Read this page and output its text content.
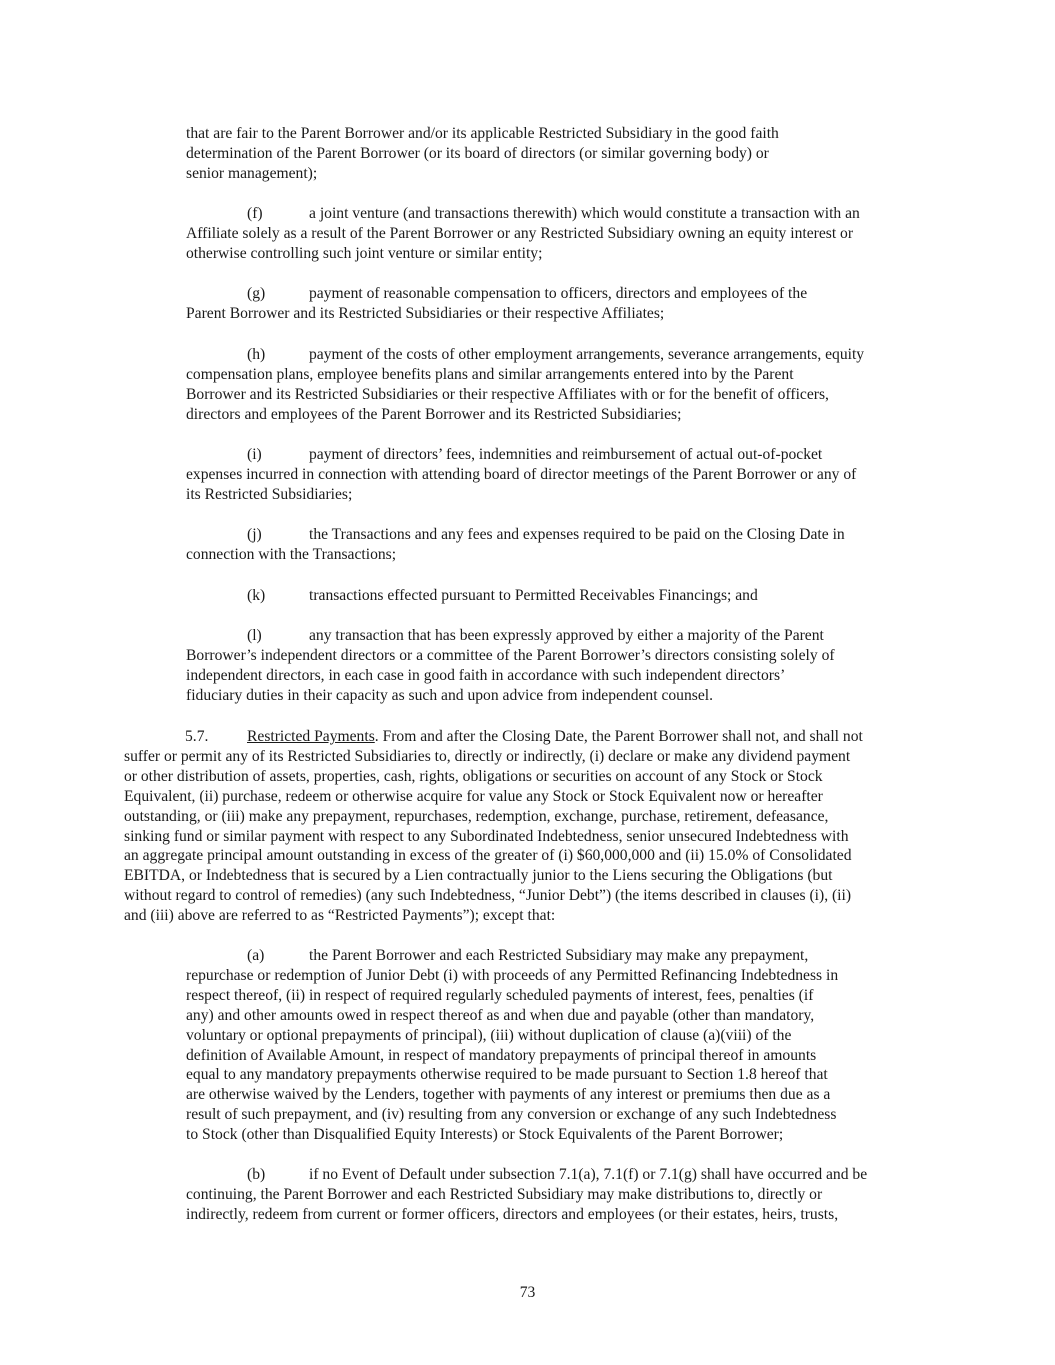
that are fair to the Parent Borrower and/or its applicable Restricted Subsidiary in the good faith
determination of the Parent Borrower (or its board of directors (or similar governing body) or
senior management);
(f)	a joint venture (and transactions therewith) which would constitute a transaction with an
Affiliate solely as a result of the Parent Borrower or any Restricted Subsidiary owning an equity interest or
otherwise controlling such joint venture or similar entity;
(g)	payment of reasonable compensation to officers, directors and employees of the
Parent Borrower and its Restricted Subsidiaries or their respective Affiliates;
(h)	payment of the costs of other employment arrangements, severance arrangements, equity
compensation plans, employee benefits plans and similar arrangements entered into by the Parent
Borrower and its Restricted Subsidiaries or their respective Affiliates with or for the benefit of officers,
directors and employees of the Parent Borrower and its Restricted Subsidiaries;
(i)	payment of directors’ fees, indemnities and reimbursement of actual out-of-pocket
expenses incurred in connection with attending board of director meetings of the Parent Borrower or any of
its Restricted Subsidiaries;
(j)	the Transactions and any fees and expenses required to be paid on the Closing Date in
connection with the Transactions;
(k)	transactions effected pursuant to Permitted Receivables Financings; and
(l)	any transaction that has been expressly approved by either a majority of the Parent
Borrower’s independent directors or a committee of the Parent Borrower’s directors consisting solely of
independent directors, in each case in good faith in accordance with such independent directors’
fiduciary duties in their capacity as such and upon advice from independent counsel.
5.7. Restricted Payments. From and after the Closing Date, the Parent Borrower shall not, and shall not
suffer or permit any of its Restricted Subsidiaries to, directly or indirectly, (i) declare or make any dividend payment
or other distribution of assets, properties, cash, rights, obligations or securities on account of any Stock or Stock
Equivalent, (ii) purchase, redeem or otherwise acquire for value any Stock or Stock Equivalent now or hereafter
outstanding, or (iii) make any prepayment, repurchases, redemption, exchange, purchase, retirement, defeasance,
sinking fund or similar payment with respect to any Subordinated Indebtedness, senior unsecured Indebtedness with
an aggregate principal amount outstanding in excess of the greater of (i) $60,000,000 and (ii) 15.0% of Consolidated
EBITDA, or Indebtedness that is secured by a Lien contractually junior to the Liens securing the Obligations (but
without regard to control of remedies) (any such Indebtedness, “Junior Debt”) (the items described in clauses (i), (ii)
and (iii) above are referred to as “Restricted Payments”); except that:
(a)	the Parent Borrower and each Restricted Subsidiary may make any prepayment,
repurchase or redemption of Junior Debt (i) with proceeds of any Permitted Refinancing Indebtedness in
respect thereof, (ii) in respect of required regularly scheduled payments of interest, fees, penalties (if
any) and other amounts owed in respect thereof as and when due and payable (other than mandatory,
voluntary or optional prepayments of principal), (iii) without duplication of clause (a)(viii) of the
definition of Available Amount, in respect of mandatory prepayments of principal thereof in amounts
equal to any mandatory prepayments otherwise required to be made pursuant to Section 1.8 hereof that
are otherwise waived by the Lenders, together with payments of any interest or premiums then due as a
result of such prepayment, and (iv) resulting from any conversion or exchange of any such Indebtedness
to Stock (other than Disqualified Equity Interests) or Stock Equivalents of the Parent Borrower;
(b)	if no Event of Default under subsection 7.1(a), 7.1(f) or 7.1(g) shall have occurred and be
continuing, the Parent Borrower and each Restricted Subsidiary may make distributions to, directly or
indirectly, redeem from current or former officers, directors and employees (or their estates, heirs, trusts,
73
